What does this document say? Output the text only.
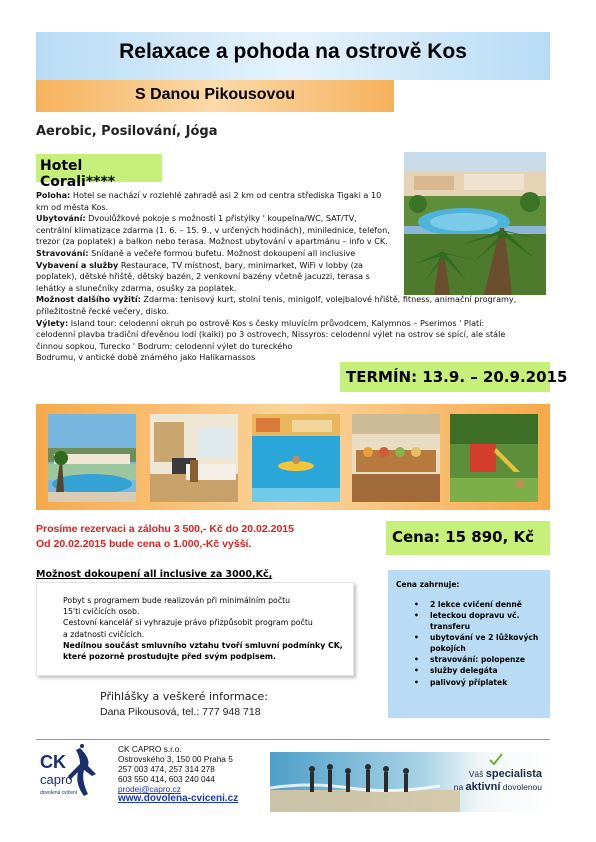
Relaxace a pohoda na ostrově Kos
S Danou Pikousovou
Aerobic, Posilování, Jóga
Hotel Corali****
Poloha: Hotel se nachází v rozlehlé zahradě asi 2 km od centra střediska Tigaki a 10
km od města Kos.
Ubytování: Dvoulůžkové pokoje s možností 1 přistýlky ' koupelna/WC, SAT/TV,
centrální klimatizace zdarma (1. 6. – 15. 9., v určených hodinách), minilednice, telefon,
trezor (za poplatek) a balkon nebo terasa. Možnost ubytování v apartmánu – info v CK.
Stravování: Snídaně a večeře formou bufetu. Možnost dokoupení all inclusive
Vybavení a služby Restaurace, TV místnost, bary, minimarket, WiFi v lobby (za
poplatek), dětské hřiště, dětský bazén, 2 venkovní bazény včetně jacuzzi, terasa s
lehátky a slunečníky zdarma, osušky za poplatek.
Možnost dalšího vyžití: Zdarma: tenisový kurt, stolní tenis, minigolf, volejbalové hřiště, fitness, animační programy,
příležitostně řecké večery, disko.
Výlety: Island tour: celodenní okruh po ostrově Kos s česky mluvícím průvodcem, Kalymnos – Pserimos ' Platí:
celodenní plavba tradiční dřevěnou lodí (kaiki) po 3 ostrovech, Nissyros: celodenní výlet na ostrov se spící, ale stále
činnou sopkou, Turecko ' Bodrum: celodenní výlet do tureckého
Bodrumu, v antické době známého jako Halikarnassos
TERMÍN: 13.9. – 20.9.2015
Prosíme rezervaci a zálohu 3 500,- Kč do 20.02.2015
Od 20.02.2015 bude cena o 1.000,-Kč vyšší.	Cena: 15 890, Kč
Možnost dokoupení all inclusive za 3000,Kč,
Pobyt s programem bude realizován při minimálním počtu
15'ti cvičících osob.
Cestovní kancelář si vyhrazuje právo přizpůsobit program počtu
a zdatnosti cvičících.
Nedílnou součást smluvního vztahu tvoří smluvní podmínky CK,
které pozorně prostudujte před svým podpisem.
Přihlášky a veškeré informace:
Dana Pikousová, tel.: 777 948 718
Cena zahrnuje:
• 2 lekce cvičení denně
• leteckou dopravu vč. transferu
• ubytování ve 2 lůžkových pokojích
• stravování: polopenze
• služby delegáta
• palivový příplatek
CK
capro
dovolená cvičení
CK CAPRO s.r.o.
Ostrovského 3, 150 00 Praha 5
257 003 474, 257 314 278
603 550 414, 603 240 044
prodej@capro.cz
www.dovolena-cviceni.cz
Váš specialista
na aktivní dovolenou
